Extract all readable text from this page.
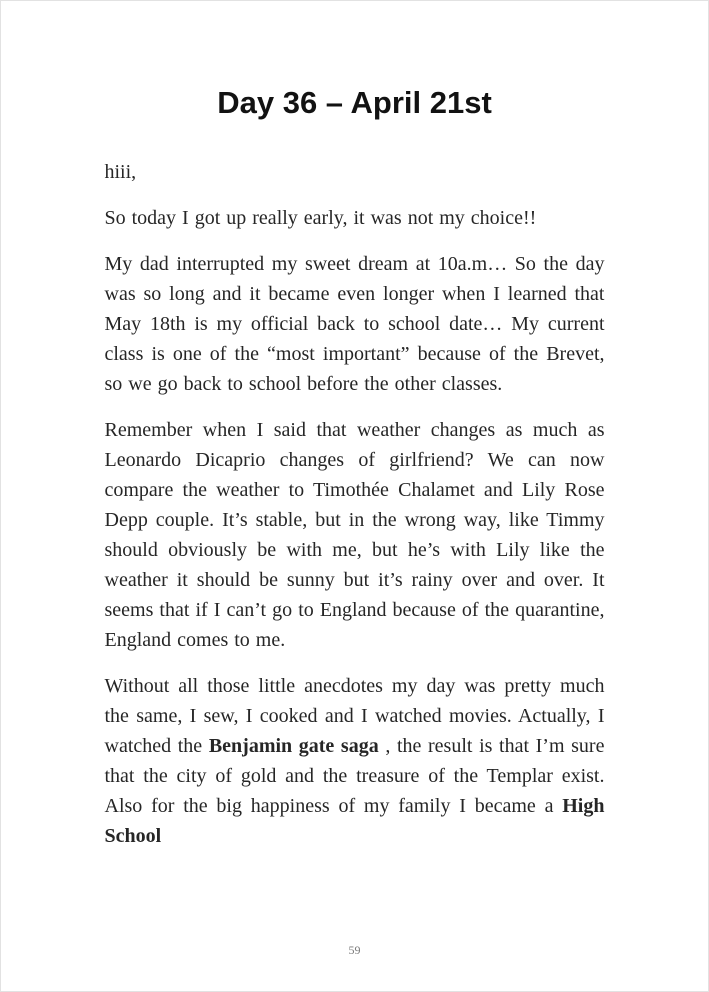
Day 36 – April 21st

hiii,

So today I got up really early, it was not my choice!!

My dad interrupted my sweet dream at 10a.m… So the day was so long and it became even longer when I learned that May 18th is my official back to school date… My current class is one of the “most important” because of the Brevet, so we go back to school before the other classes.

Remember when I said that weather changes as much as Leonardo Dicaprio changes of girlfriend? We can now compare the weather to Timothée Chalamet and Lily Rose Depp couple. It’s stable, but in the wrong way, like Timmy should obviously be with me, but he’s with Lily like the weather it should be sunny but it’s rainy over and over. It seems that if I can’t go to England because of the quarantine, England comes to me.

Without all those little anecdotes my day was pretty much the same, I sew, I cooked and I watched movies. Actually, I watched the Benjamin gate saga , the result is that I’m sure that the city of gold and the treasure of the Templar exist. Also for the big happiness of my family I became a High School

59
